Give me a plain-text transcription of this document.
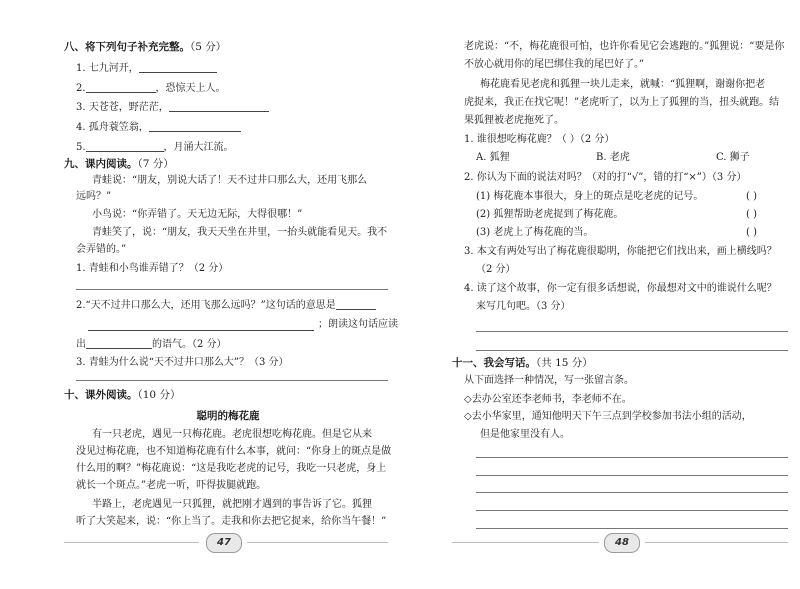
八、将下列句子补充完整。（5 分）
1. 七九河开，
2.	，恐惊天上人。
3. 天苍苍，野茫茫，
4. 孤舟蓑笠翁，
5.	，月涌大江流。
九、课内阅读。（7 分）
青蛙说：“朋友，别说大话了！天不过井口那么大，还用飞那么
远吗？”
小鸟说：“你弄错了。天无边无际，大得很哪！”
青蛙笑了，说：“朋友，我天天坐在井里，一抬头就能看见天。我不
会弄错的。”
1. 青蛙和小鸟谁弄错了？（2 分）
2.“天不过井口那么大，还用飞那么远吗？”这句话的意思是
；朗读这句话应读
出	的语气。（2 分）
3. 青蛙为什么说“天不过井口那么大”？（3 分）
十、课外阅读。（10 分）
聪明的梅花鹿
有一只老虎，遇见一只梅花鹿。老虎很想吃梅花鹿。但是它从来
没见过梅花鹿，也不知道梅花鹿有什么本事，就问：“你身上的斑点是做
什么用的啊？”梅花鹿说：“这是我吃老虎的记号，我吃一只老虎，身上
就长一个斑点。”老虎一听，吓得拔腿就跑。
半路上，老虎遇见一只狐狸，就把刚才遇到的事告诉了它。狐狸
听了大笑起来，说：“你上当了。走我和你去把它捉来，给你当午餐！”
47
老虎说：“不，梅花鹿很可怕，也许你看见它会逃跑的。”狐狸说：“要是你
不放心就用你的尾巴绑住我的尾巴好了。”
梅花鹿看见老虎和狐狸一块儿走来，就喊：“狐狸啊，谢谢你把老
虎捉来，我正在找它呢！”老虎听了，以为上了狐狸的当，扭头就跑。结
果狐狸被老虎拖死了。
1. 谁很想吃梅花鹿？（ ）（2 分）
A. 狐狸	B. 老虎	C. 狮子
2. 你认为下面的说法对吗？（对的打“√”，错的打“×”）（3 分）
(1) 梅花鹿本事很大，身上的斑点是吃老虎的记号。	( )
(2) 狐狸帮助老虎捉到了梅花鹿。	( )
(3) 老虎上了梅花鹿的当。	( )
3. 本文有两处写出了梅花鹿很聪明，你能把它们找出来，画上横线吗？
（2 分）
4. 读了这个故事，你一定有很多话想说，你最想对文中的谁说什么呢？
来写几句吧。（3 分）
十一、我会写话。（共 15 分）
从下面选择一种情况，写一张留言条。
◇去办公室还李老师书，李老师不在。
◇去小华家里，通知他明天下午三点到学校参加书法小组的活动，
但是他家里没有人。
48
